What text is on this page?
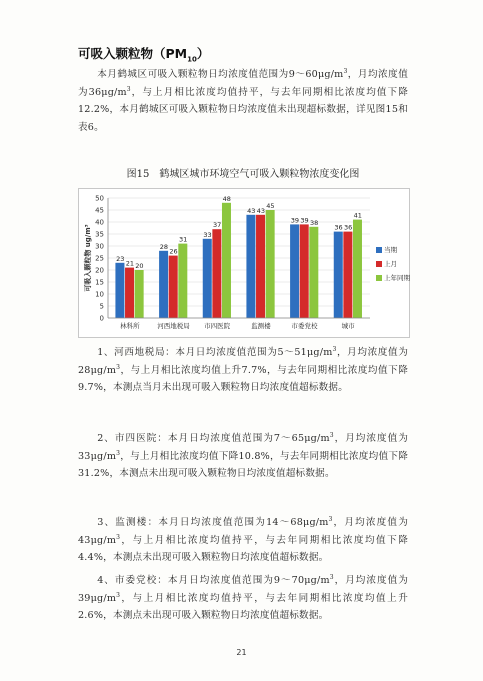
可吸入颗粒物$(PM_{10})$

本月鹤城区可吸入颗粒物日均浓度值范围为$9\sim 60\mu g/m^3$，月均浓度值为$36\mu g/m^3$，与上月相比浓度均值持平，与去年同期相比浓度均值下降12.2%，本月鹤城区可吸入颗粒物日均浓度值未出现超标数据，详见图15和表6。

图15　鹤城区城市环境空气可吸入颗粒物浓度变化图
23
21 20
28
26
31
33
37
48
43 43
45
39 39 38
36 36
41
0
5
10
15
20
25
30
35
40
45
50
林科所	河西地税局 市四医院	监测楼	市委党校	城市
当期
上月
上年同期
可吸入颗粒物 ug/m³

1、河西地税局：本月日均浓度值范围为$5\sim 51\mu g/m^3$，月均浓度值为$28\mu g/m^3$，与上月相比浓度均值上升7.7%，与去年同期相比浓度均值下降9.7%，本测点当月未出现可吸入颗粒物日均浓度值超标数据。

2、市四医院：本月日均浓度值范围为$7\sim 65\mu g/m^3$，月均浓度值为$33\mu g/m^3$，与上月相比浓度均值下降10.8%，与去年同期相比浓度均值下降31.2%，本测点未出现可吸入颗粒物日均浓度值超标数据。

3、监测楼：本月日均浓度值范围为$14\sim 68\mu g/m^3$，月均浓度值为$43\mu g/m^3$，与上月相比浓度均值持平，与去年同期相比浓度均值下降4.4%，本测点未出现可吸入颗粒物日均浓度值超标数据。

4、市委党校：本月日均浓度值范围为$9\sim 70\mu g/m^3$，月均浓度值为$39\mu g/m^3$，与上月相比浓度均值持平，与去年同期相比浓度均值上升2.6%，本测点未出现可吸入颗粒物日均浓度值超标数据。

21
